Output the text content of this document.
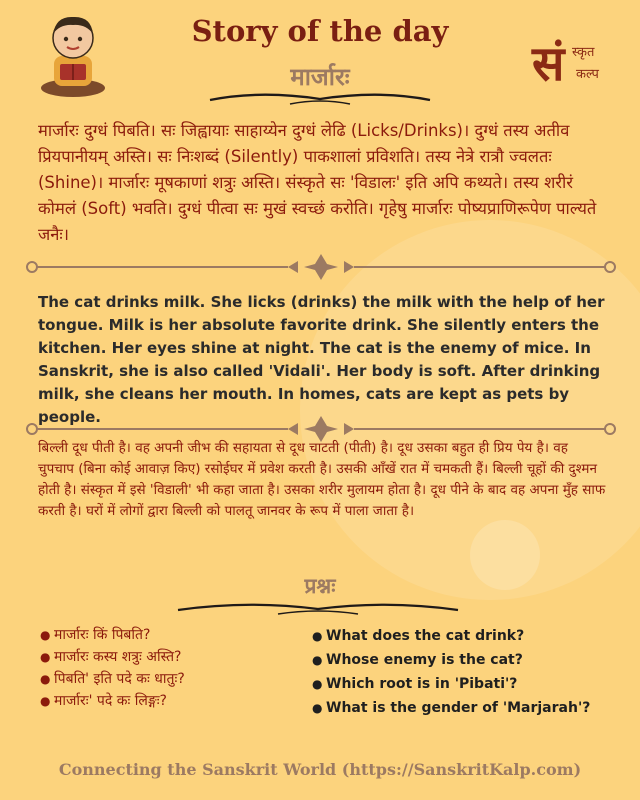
Story of the day
मार्जारः	सं स्कृत
कल्प
मार्जारः दुग्धं पिबति। सः जिह्वायाः साहाय्येन दुग्धं लेढि (Licks/Drinks)। दुग्धं तस्य अतीव प्रियपानीयम् अस्ति। सः निःशब्दं (Silently) पाकशालां प्रविशति। तस्य नेत्रे रात्रौ ज्वलतः (Shine)। मार्जारः मूषकाणां शत्रुः अस्ति। संस्कृते सः 'विडालः' इति अपि कथ्यते। तस्य शरीरं कोमलं (Soft) भवति। दुग्धं पीत्वा सः मुखं स्वच्छं करोति। गृहेषु मार्जारः पोष्यप्राणिरूपेण पाल्यते जनैः।
The cat drinks milk. She licks (drinks) the milk with the help of her tongue. Milk is her absolute favorite drink. She silently enters the kitchen. Her eyes shine at night. The cat is the enemy of mice. In Sanskrit, she is also called 'Vidali'. Her body is soft. After drinking milk, she cleans her mouth. In homes, cats are kept as pets by people.
बिल्ली दूध पीती है। वह अपनी जीभ की सहायता से दूध चाटती (पीती) है। दूध उसका बहुत ही प्रिय पेय है। वह चुपचाप (बिना कोई आवाज़ किए) रसोईघर में प्रवेश करती है। उसकी आँखें रात में चमकती हैं। बिल्ली चूहों की दुश्मन होती है। संस्कृत में इसे 'विडाली' भी कहा जाता है। उसका शरीर मुलायम होता है। दूध पीने के बाद वह अपना मुँह साफ करती है। घरों में लोगों द्वारा बिल्ली को पालतू जानवर के रूप में पाला जाता है।
प्रश्नः
● मार्जारः किं पिबति?
● मार्जारः कस्य शत्रुः अस्ति?
● पिबति' इति पदे कः धातुः?
● मार्जारः' पदे कः लिङ्गः?
● What does the cat drink?
● Whose enemy is the cat?
● Which root is in 'Pibati'?
● What is the gender of 'Marjarah'?
Connecting the Sanskrit World (https://SanskritKalp.com)
